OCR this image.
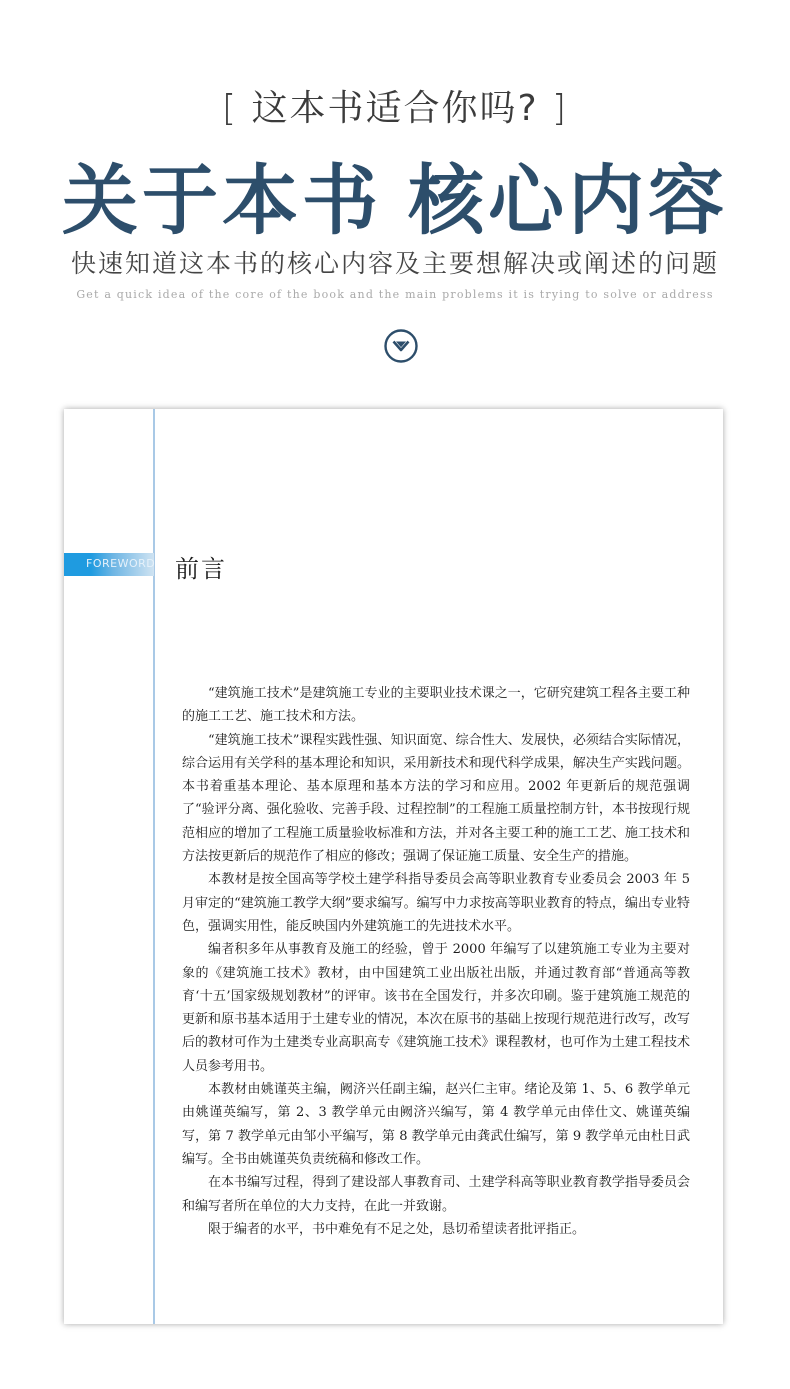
[ 这本书适合你吗? ]
关于本书 核心内容
快速知道这本书的核心内容及主要想解决或阐述的问题
Get a quick idea of the core of the book and the main problems it is trying to solve or address
FOREWORD 前言

“建筑施工技术”是建筑施工专业的主要职业技术课之一，它研究建筑工程各主要工种的施工工艺、施工技术和方法。

“建筑施工技术”课程实践性强、知识面宽、综合性大、发展快，必须结合实际情况，综合运用有关学科的基本理论和知识，采用新技术和现代科学成果，解决生产实践问题。本书着重基本理论、基本原理和基本方法的学习和应用。2002 年更新后的规范强调了“验评分离、强化验收、完善手段、过程控制”的工程施工质量控制方针，本书按现行规范相应的增加了工程施工质量验收标准和方法，并对各主要工种的施工工艺、施工技术和方法按更新后的规范作了相应的修改；强调了保证施工质量、安全生产的措施。

本教材是按全国高等学校土建学科指导委员会高等职业教育专业委员会 2003 年 5 月审定的“建筑施工教学大纲”要求编写。编写中力求按高等职业教育的特点，编出专业特色，强调实用性，能反映国内外建筑施工的先进技术水平。

编者积多年从事教育及施工的经验，曾于 2000 年编写了以建筑施工专业为主要对象的《建筑施工技术》教材，由中国建筑工业出版社出版，并通过教育部“普通高等教育‘十五’国家级规划教材”的评审。该书在全国发行，并多次印刷。鉴于建筑施工规范的更新和原书基本适用于土建专业的情况，本次在原书的基础上按现行规范进行改写，改写后的教材可作为土建类专业高职高专《建筑施工技术》课程教材，也可作为土建工程技术人员参考用书。

本教材由姚谨英主编，阙济兴任副主编，赵兴仁主审。绪论及第 1、5、6 教学单元由姚谨英编写，第 2、3 教学单元由阙济兴编写，第 4 教学单元由倖仕文、姚谨英编写，第 7 教学单元由邹小平编写，第 8 教学单元由龚武仕编写，第 9 教学单元由杜日武编写。全书由姚谨英负责统稿和修改工作。

在本书编写过程，得到了建设部人事教育司、土建学科高等职业教育教学指导委员会和编写者所在单位的大力支持，在此一并致谢。

限于编者的水平，书中难免有不足之处，恳切希望读者批评指正。
